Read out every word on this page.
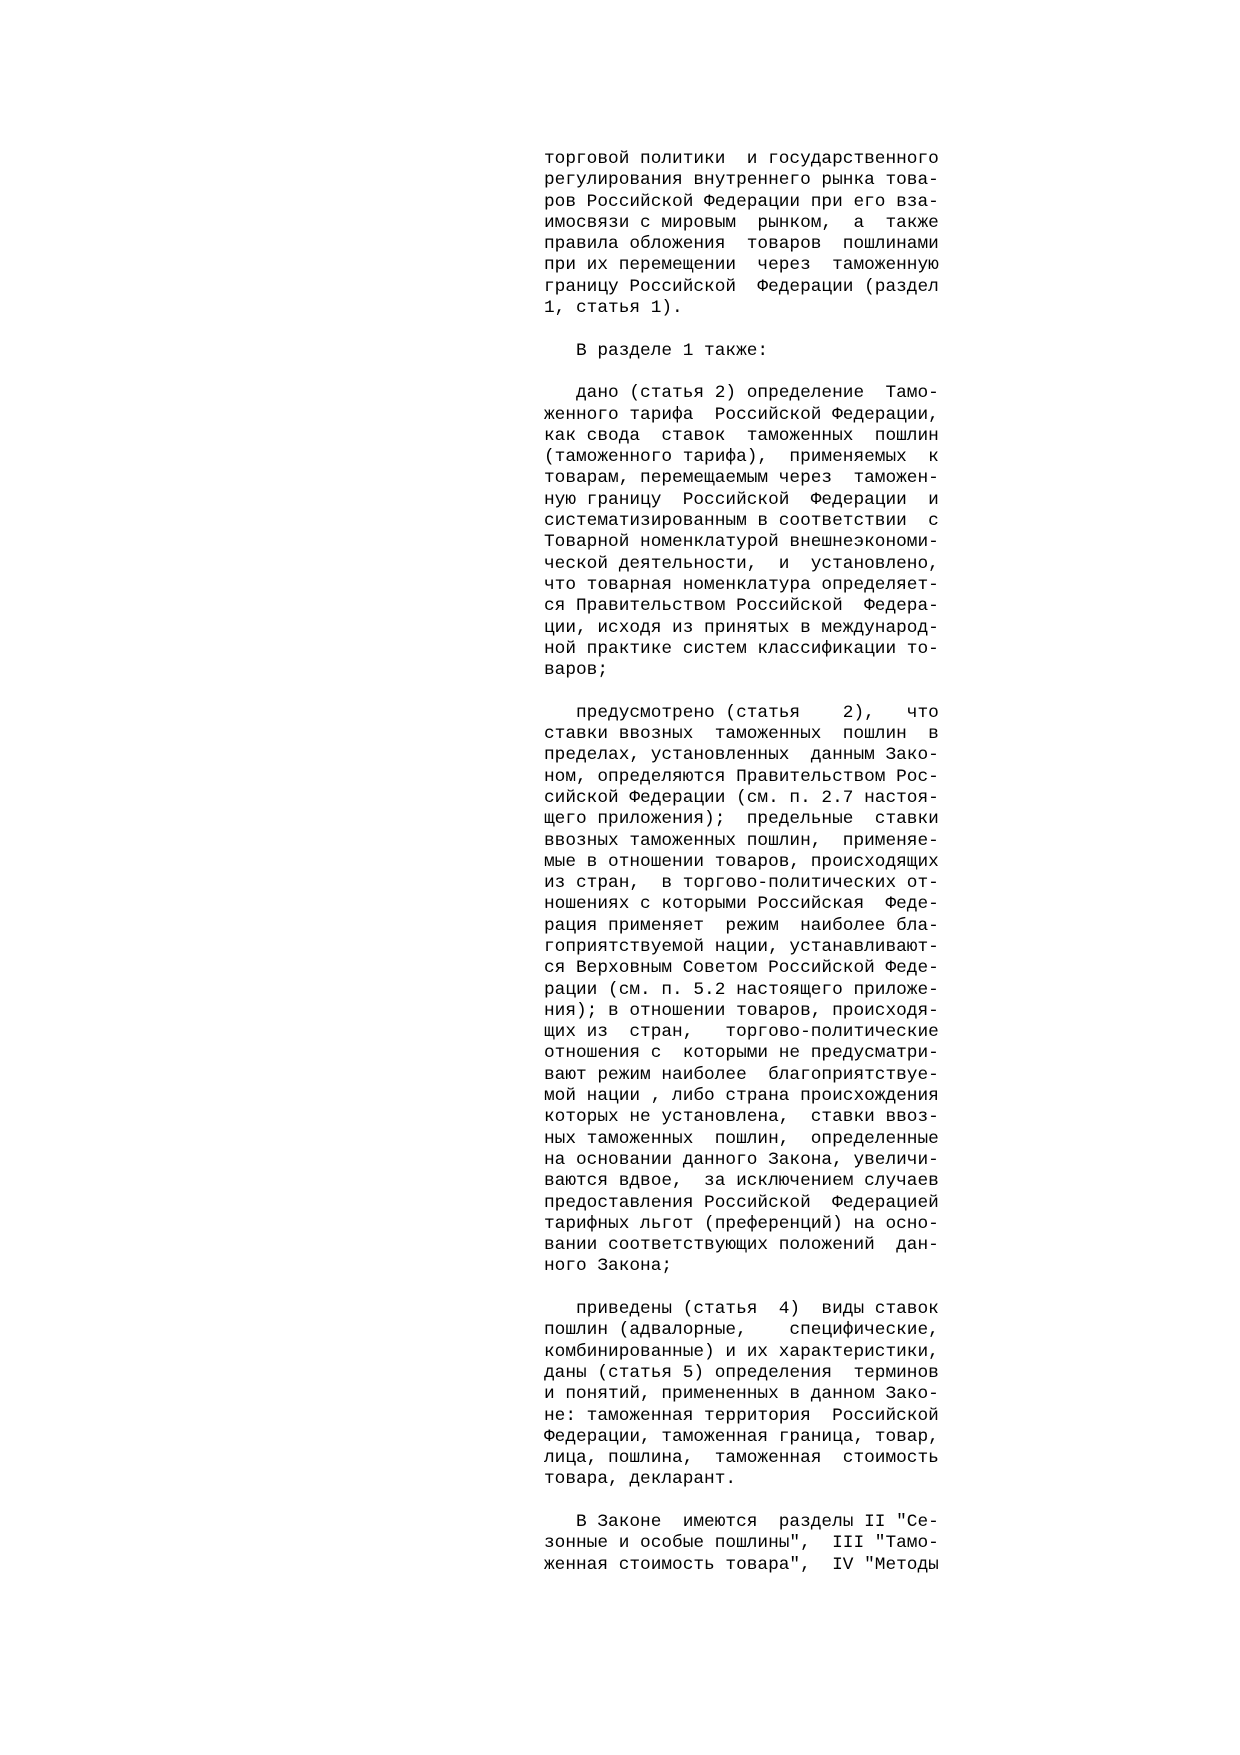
торговой политики  и государственного
регулирования внутреннего рынка това-
ров Российской Федерации при его вза-
имосвязи с мировым  рынком,  а  также
правила обложения  товаров  пошлинами
при их перемещении  через  таможенную
границу Российской  Федерации (раздел
1, статья 1).
В разделе 1 также:
дано (статья 2) определение  Тамо-
женного тарифа  Российской Федерации,
как свода  ставок  таможенных  пошлин
(таможенного тарифа),  применяемых  к
товарам, перемещаемым через  таможен-
ную границу  Российской  Федерации  и
систематизированным в соответствии  с
Товарной номенклатурой внешнеэкономи-
ческой деятельности,  и  установлено,
что товарная номенклатура определяет-
ся Правительством Российской  Федера-
ции, исходя из принятых в международ-
ной практике систем классификации то-
варов;
предусмотрено (статья    2),   что
ставки ввозных  таможенных  пошлин  в
пределах, установленных  данным Зако-
ном, определяются Правительством Рос-
сийской Федерации (см. п. 2.7 настоя-
щего приложения);  предельные  ставки
ввозных таможенных пошлин,  применяе-
мые в отношении товаров, происходящих
из стран,  в торгово-политических от-
ношениях с которыми Российская  Феде-
рация применяет  режим  наиболее бла-
гоприятствуемой нации, устанавливают-
ся Верховным Советом Российской Феде-
рации (см. п. 5.2 настоящего приложе-
ния); в отношении товаров, происходя-
щих из  стран,   торгово-политические
отношения с  которыми не предусматри-
вают режим наиболее  благоприятствуе-
мой нации , либо страна происхождения
которых не установлена,  ставки ввоз-
ных таможенных  пошлин,  определенные
на основании данного Закона, увеличи-
ваются вдвое,  за исключением случаев
предоставления Российской  Федерацией
тарифных льгот (преференций) на осно-
вании соответствующих положений  дан-
ного Закона;
приведены (статья  4)  виды ставок
пошлин (адвалорные,    специфические,
комбинированные) и их характеристики,
даны (статья 5) определения  терминов
и понятий, примененных в данном Зако-
не: таможенная территория  Российской
Федерации, таможенная граница, товар,
лица, пошлина,  таможенная  стоимость
товара, декларант.
В Законе  имеются  разделы II "Се-
зонные и особые пошлины",  III "Тамо-
женная стоимость товара",  IV "Методы
